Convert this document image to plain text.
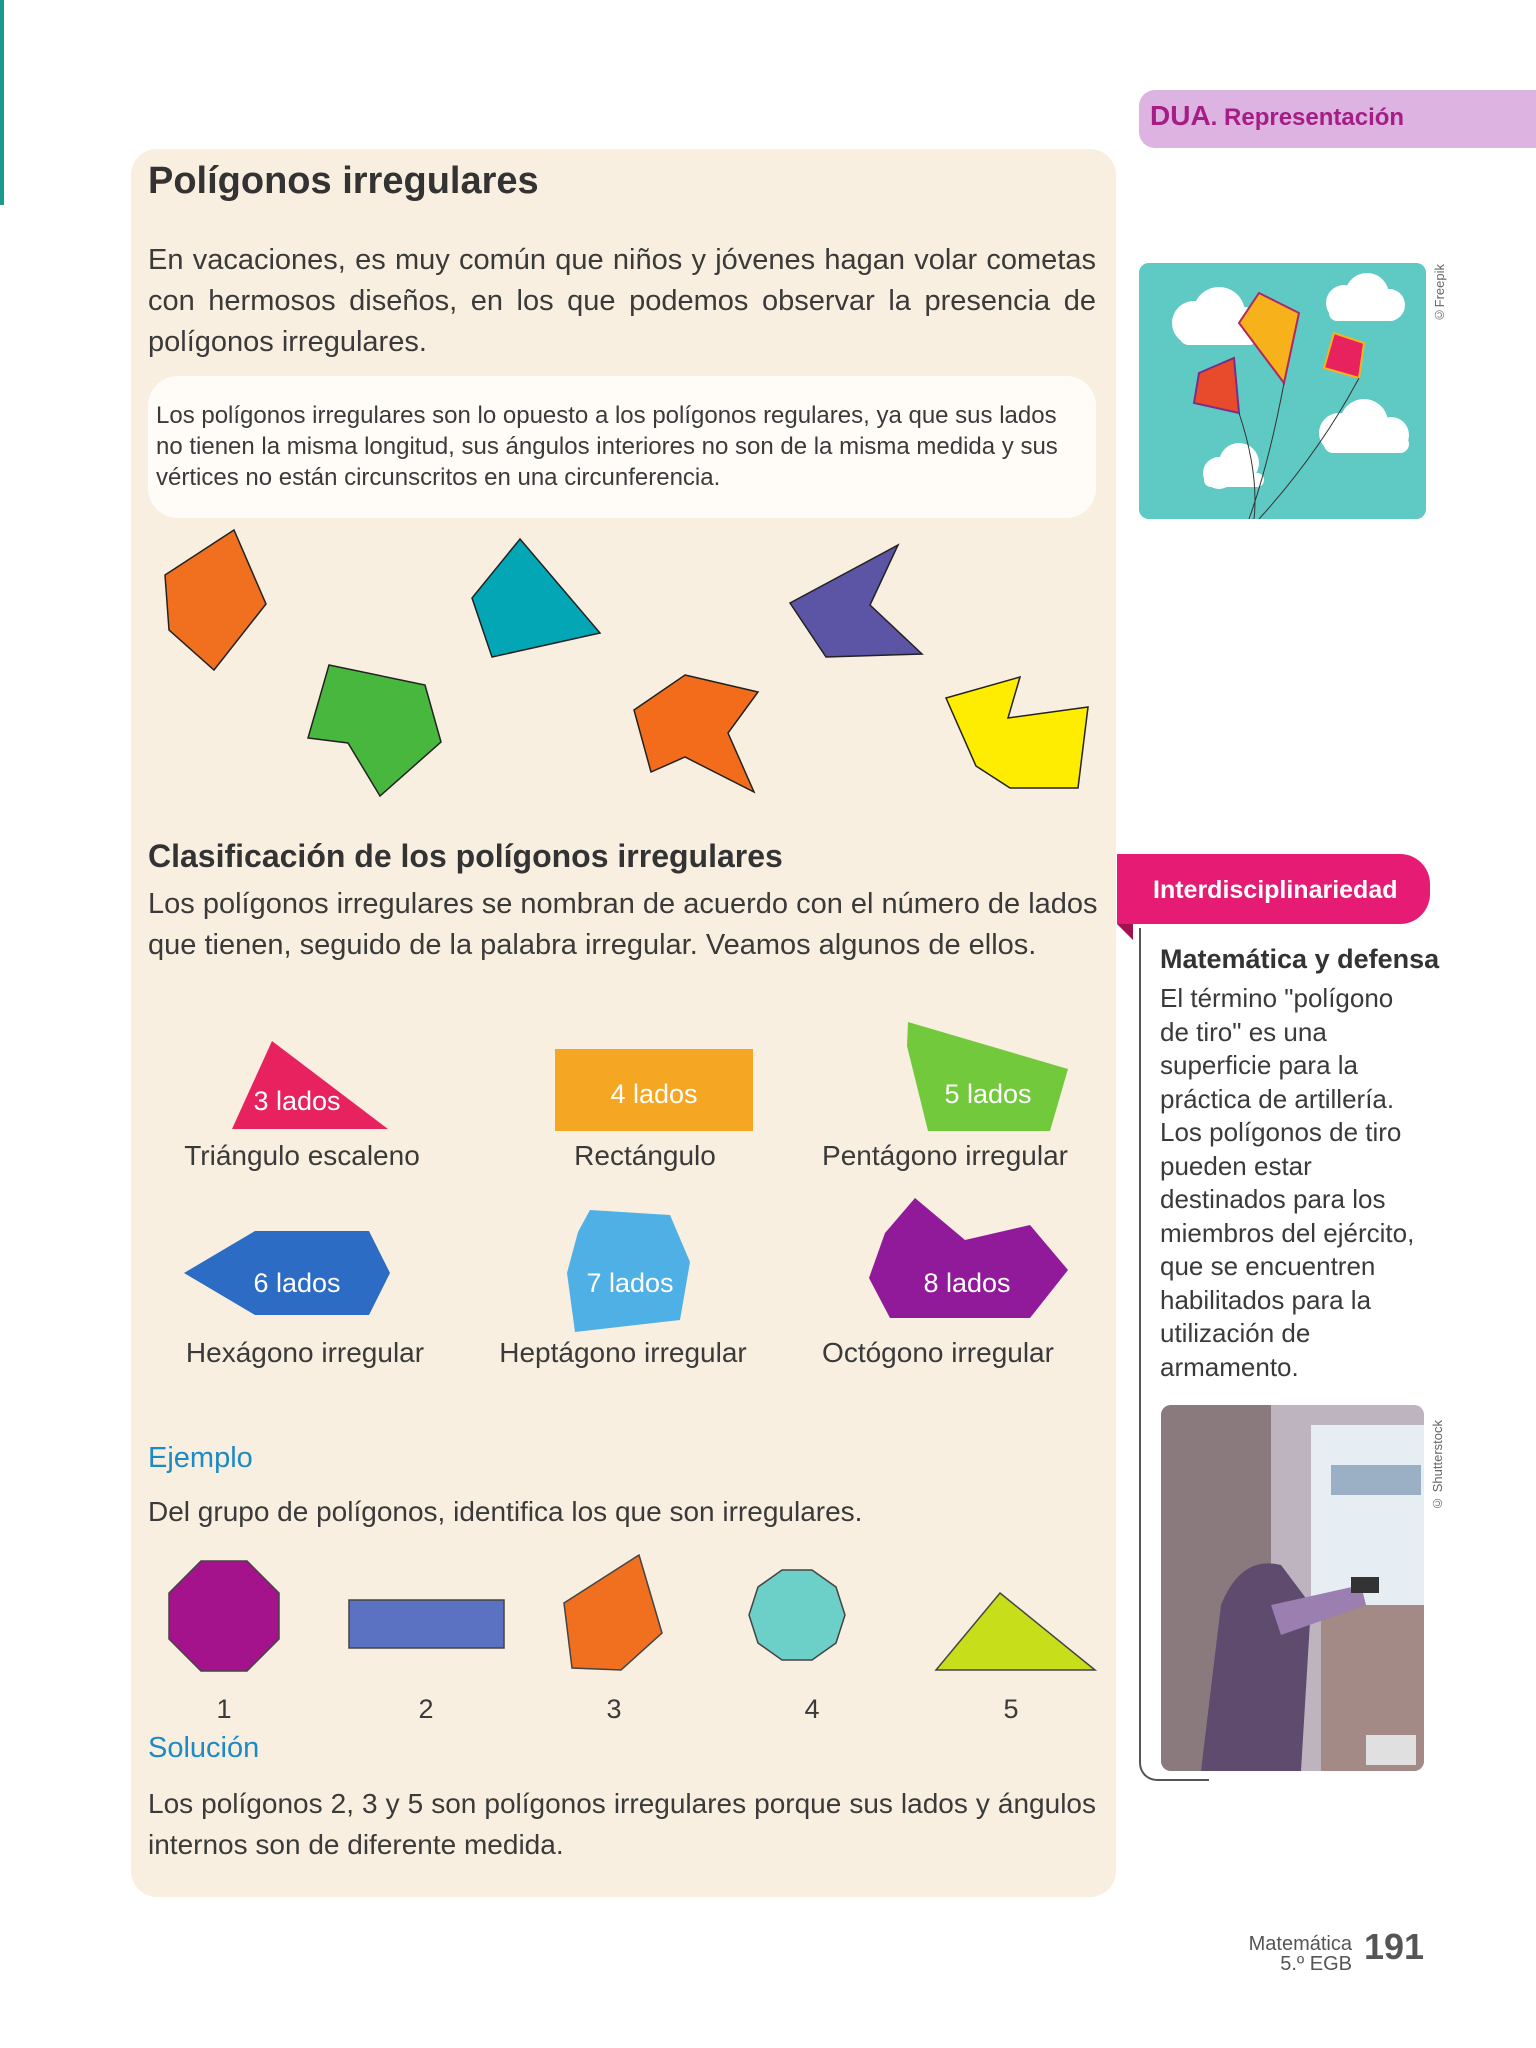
Polígonos irregulares

En vacaciones, es muy común que niños y jóvenes hagan volar cometas con hermosos diseños, en los que podemos observar la presencia de polígonos irregulares.

Los polígonos irregulares son lo opuesto a los polígonos regulares, ya que sus lados no tienen la misma longitud, sus ángulos interiores no son de la misma medida y sus vértices no están circunscritos en una circunferencia.

Clasificación de los polígonos irregulares

Los polígonos irregulares se nombran de acuerdo con el número de lados que tienen, seguido de la palabra irregular. Veamos algunos de ellos.

3 lados	4 lados	5 lados
6 lados	7 lados	8 lados
Triángulo escaleno	Rectángulo	Pentágono irregular
Hexágono irregular	Heptágono irregular	Octógono irregular

Ejemplo

Del grupo de polígonos, identifica los que son irregulares.

1	2	3	4	5

Solución

Los polígonos 2, 3 y 5 son polígonos irregulares porque sus lados y ángulos internos son de diferente medida.

DUA. Representación

©Freepik

Interdisciplinariedad

Matemática y defensa

El término "polígono de tiro" es una superficie para la práctica de artillería. Los polígonos de tiro pueden estar destinados para los miembros del ejército, que se encuentren habilitados para la utilización de armamento.

© Shutterstock
Matemática
5.º EGB 191
